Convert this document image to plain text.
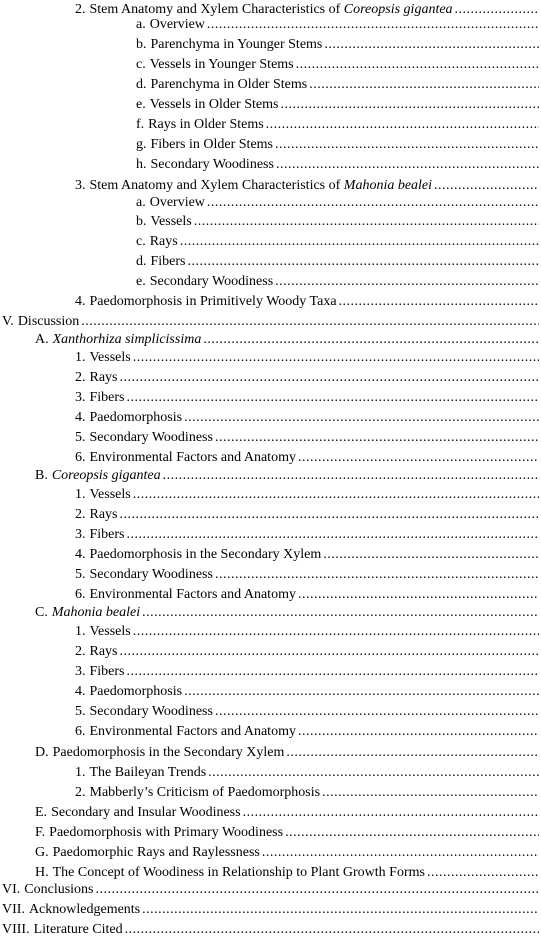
2. Stem Anatomy and Xylem Characteristics of Coreopsis gigantea
.....
a. Overview
.....
b. Parenchyma in Younger Stems
.....
c. Vessels in Younger Stems
.....
d. Parenchyma in Older Stems
.....
e. Vessels in Older Stems
.....
f. Rays in Older Stems
.....
g. Fibers in Older Stems
.....
h. Secondary Woodiness
.....
3. Stem Anatomy and Xylem Characteristics of Mahonia bealei
.....
a. Overview
.....
b. Vessels
.....
c. Rays
.....
d. Fibers
.....
e. Secondary Woodiness
.....
4. Paedomorphosis in Primitively Woody Taxa
.....
V. Discussion
.....
A. Xanthorhiza simplicissima
.....
1. Vessels
.....
2. Rays
.....
3. Fibers
.....
4. Paedomorphosis
.....
5. Secondary Woodiness
.....
6. Environmental Factors and Anatomy
.....
B. Coreopsis gigantea
.....
1. Vessels
.....
2. Rays
.....
3. Fibers
.....
4. Paedomorphosis in the Secondary Xylem
.....
5. Secondary Woodiness
.....
6. Environmental Factors and Anatomy
.....
C. Mahonia bealei
.....
1. Vessels
.....
2. Rays
.....
3. Fibers
.....
4. Paedomorphosis
.....
5. Secondary Woodiness
.....
6. Environmental Factors and Anatomy
.....
D. Paedomorphosis in the Secondary Xylem
.....
1. The Baileyan Trends
.....
2. Mabberly’s Criticism of Paedomorphosis
.....
E. Secondary and Insular Woodiness
.....
F. Paedomorphosis with Primary Woodiness
.....
G. Paedomorphic Rays and Raylessness
.....
H. The Concept of Woodiness in Relationship to Plant Growth Forms
.....
VI. Conclusions
.....
VII. Acknowledgements
.....
VIII. Literature Cited
.....
